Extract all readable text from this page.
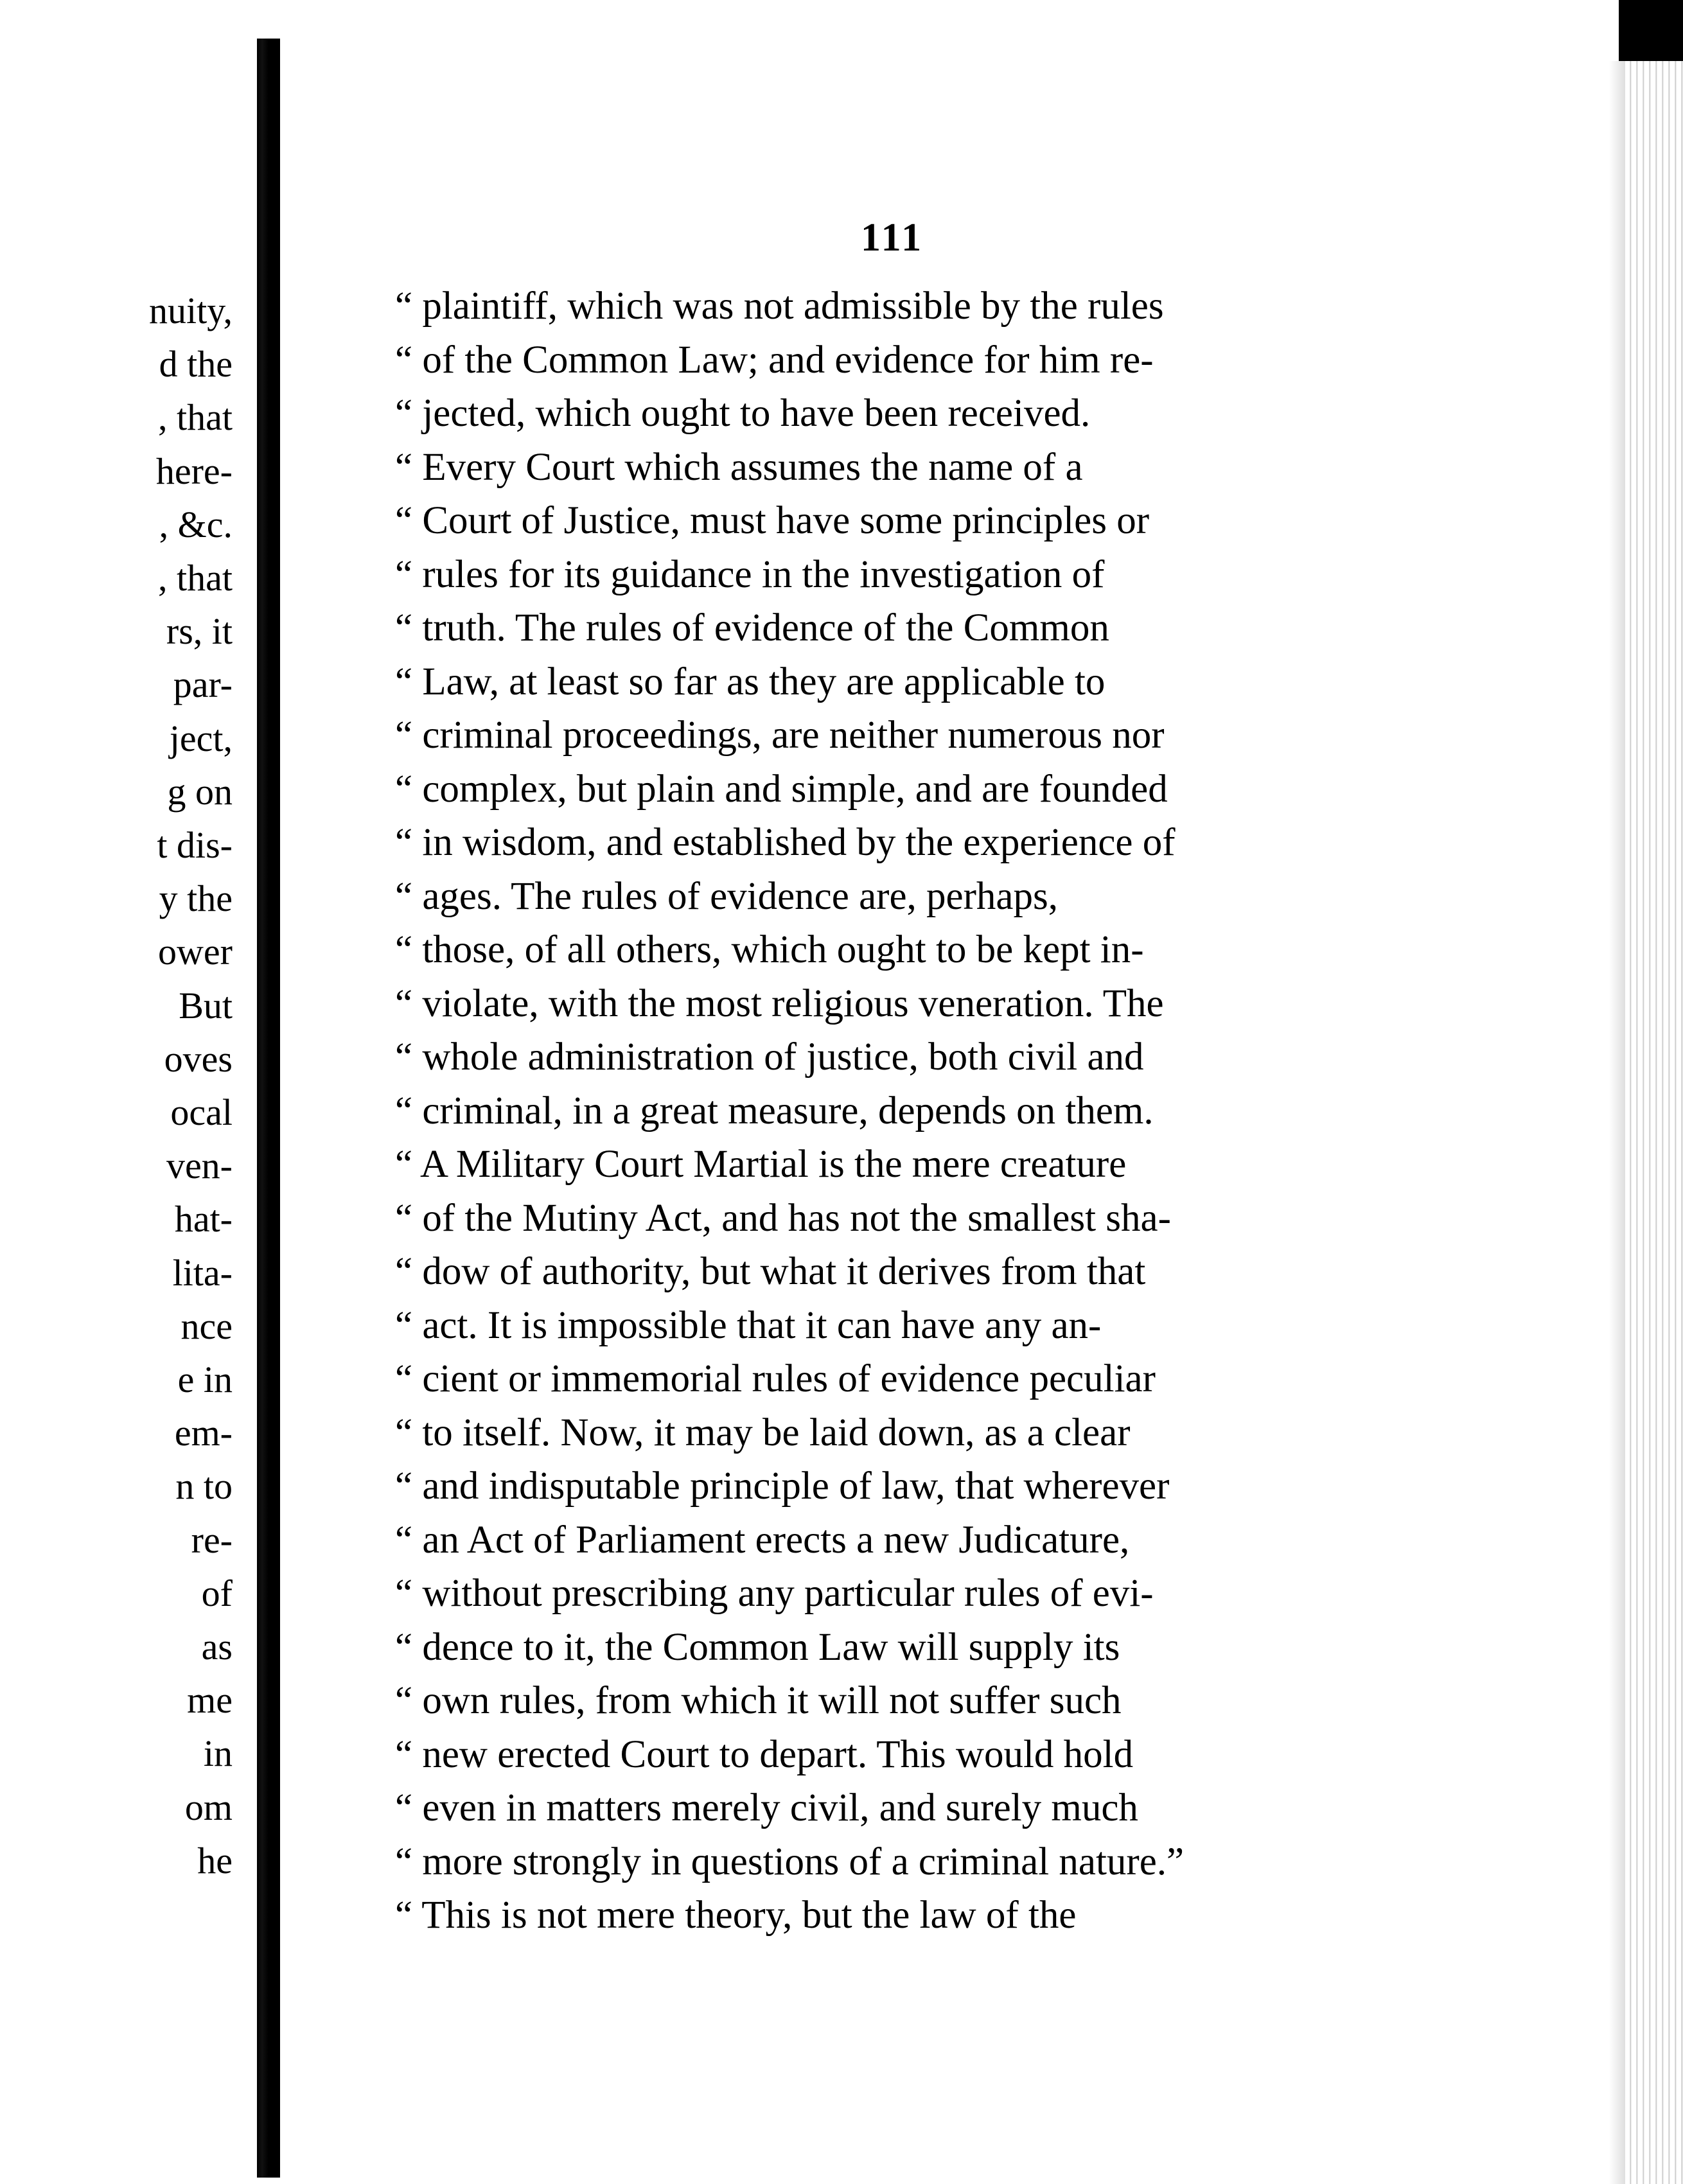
nuity,
d the
, that
here-
, &c.
, that
rs, it
par-
ject,
g on
t dis-
y the
ower
But
oves
ocal
ven-
hat-
lita-
nce
e in
em-
n to
re-
of
as
me
in
om
he
111
“ plaintiff, which was not admissible by the rules
“ of the Common Law; and evidence for him re-
“ jected, which ought to have been received.
“ Every Court which assumes the name of a
“ Court of Justice, must have some principles or
“ rules for its guidance in the investigation of
“ truth. The rules of evidence of the Common
“ Law, at least so far as they are applicable to
“ criminal proceedings, are neither numerous nor
“ complex, but plain and simple, and are founded
“ in wisdom, and established by the experience of
“ ages. The rules of evidence are, perhaps,
“ those, of all others, which ought to be kept in-
“ violate, with the most religious veneration. The
“ whole administration of justice, both civil and
“ criminal, in a great measure, depends on them.
“ A Military Court Martial is the mere creature
“ of the Mutiny Act, and has not the smallest sha-
“ dow of authority, but what it derives from that
“ act. It is impossible that it can have any an-
“ cient or immemorial rules of evidence peculiar
“ to itself. Now, it may be laid down, as a clear
“ and indisputable principle of law, that wherever
“ an Act of Parliament erects a new Judicature,
“ without prescribing any particular rules of evi-
“ dence to it, the Common Law will supply its
“ own rules, from which it will not suffer such
“ new erected Court to depart. This would hold
“ even in matters merely civil, and surely much
“ more strongly in questions of a criminal nature.”
“ This is not mere theory, but the law of the
